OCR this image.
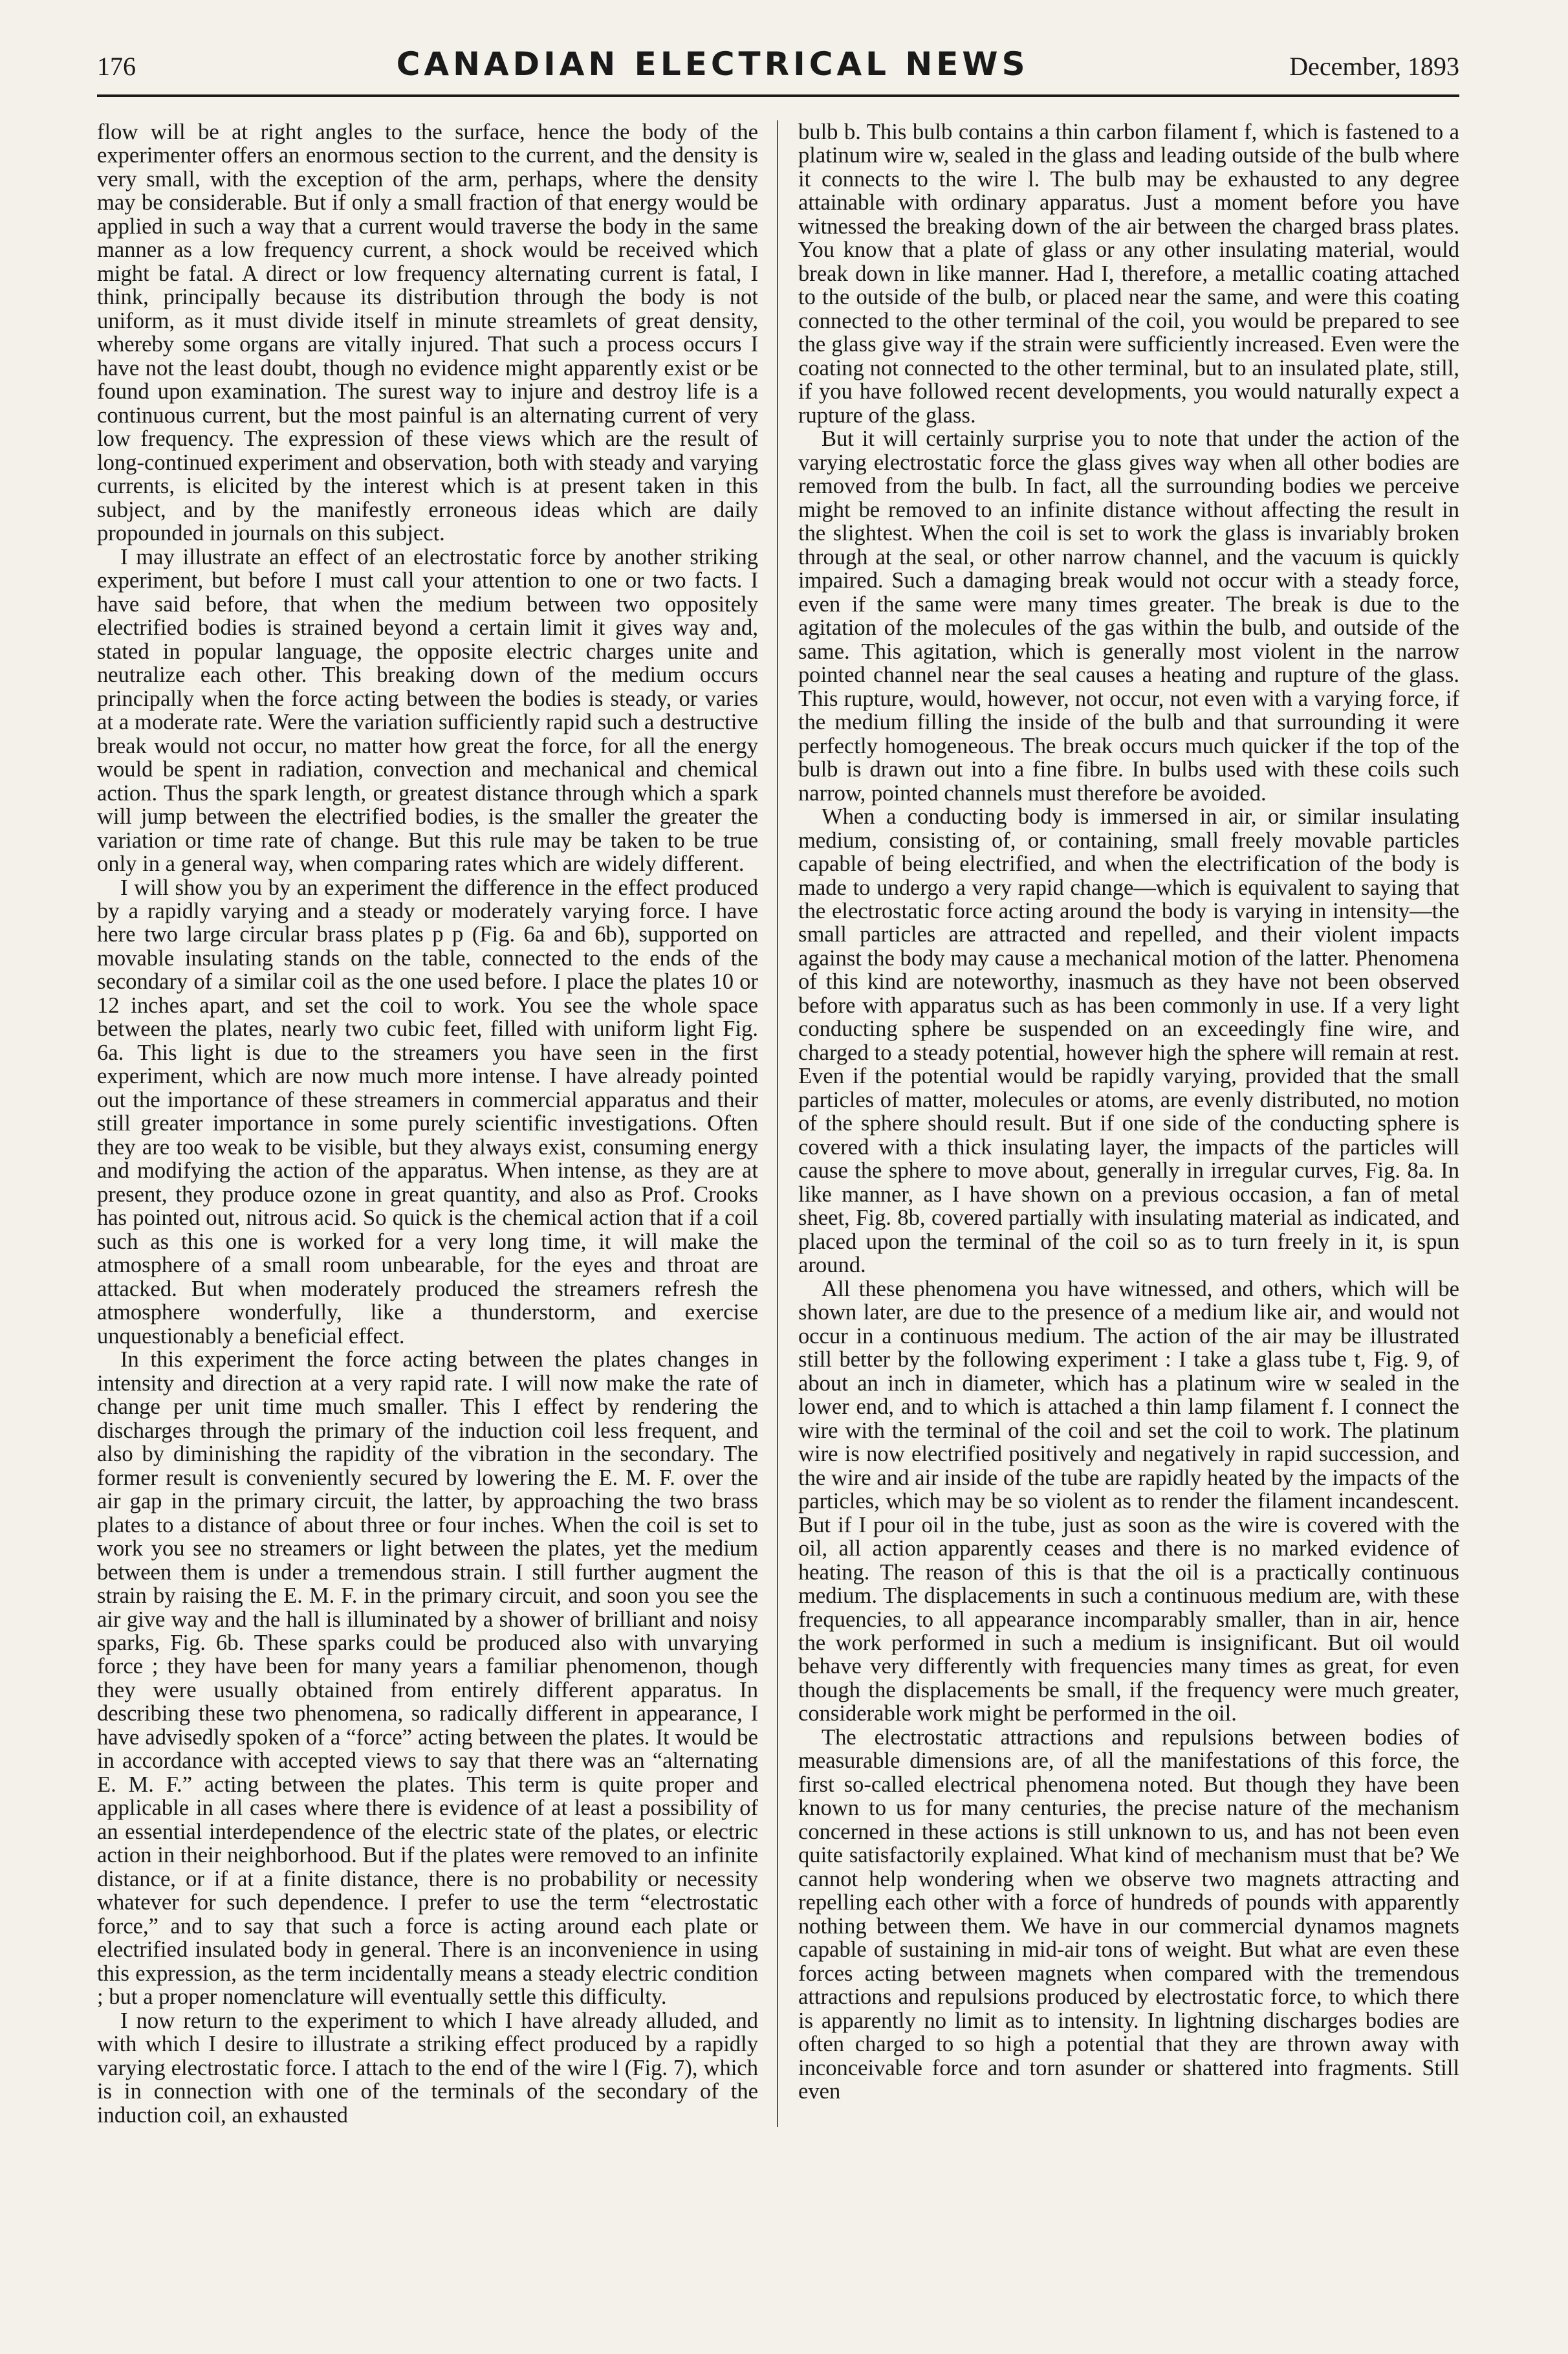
176	CANADIAN ELECTRICAL NEWS	December, 1893

flow will be at right angles to the surface, hence the body of the experimenter offers an enormous section to the current, and the density is very small, with the exception of the arm, perhaps, where the density may be considerable. But if only a small fraction of that energy would be applied in such a way that a current would traverse the body in the same manner as a low frequency current, a shock would be received which might be fatal. A direct or low frequency alternating current is fatal, I think, principally because its distribution through the body is not uniform, as it must divide itself in minute streamlets of great density, whereby some organs are vitally injured. That such a process occurs I have not the least doubt, though no evidence might apparently exist or be found upon examination. The surest way to injure and destroy life is a continuous current, but the most painful is an alternating current of very low frequency. The expression of these views which are the result of long-continued experiment and observation, both with steady and varying currents, is elicited by the interest which is at present taken in this subject, and by the manifestly erroneous ideas which are daily propounded in journals on this subject.

I may illustrate an effect of an electrostatic force by another striking experiment, but before I must call your attention to one or two facts. I have said before, that when the medium between two oppositely electrified bodies is strained beyond a certain limit it gives way and, stated in popular language, the opposite electric charges unite and neutralize each other. This breaking down of the medium occurs principally when the force acting between the bodies is steady, or varies at a moderate rate. Were the variation sufficiently rapid such a destructive break would not occur, no matter how great the force, for all the energy would be spent in radiation, convection and mechanical and chemical action. Thus the spark length, or greatest distance through which a spark will jump between the electrified bodies, is the smaller the greater the variation or time rate of change. But this rule may be taken to be true only in a general way, when comparing rates which are widely different.

I will show you by an experiment the difference in the effect produced by a rapidly varying and a steady or moderately varying force. I have here two large circular brass plates p p (Fig. 6a and 6b), supported on movable insulating stands on the table, connected to the ends of the secondary of a similar coil as the one used before. I place the plates 10 or 12 inches apart, and set the coil to work. You see the whole space between the plates, nearly two cubic feet, filled with uniform light Fig. 6a. This light is due to the streamers you have seen in the first experiment, which are now much more intense. I have already pointed out the importance of these streamers in commercial apparatus and their still greater importance in some purely scientific investigations. Often they are too weak to be visible, but they always exist, consuming energy and modifying the action of the apparatus. When intense, as they are at present, they produce ozone in great quantity, and also as Prof. Crooks has pointed out, nitrous acid. So quick is the chemical action that if a coil such as this one is worked for a very long time, it will make the atmosphere of a small room unbearable, for the eyes and throat are attacked. But when moderately produced the streamers refresh the atmosphere wonderfully, like a thunderstorm, and exercise unquestionably a beneficial effect.

In this experiment the force acting between the plates changes in intensity and direction at a very rapid rate. I will now make the rate of change per unit time much smaller. This I effect by rendering the discharges through the primary of the induction coil less frequent, and also by diminishing the rapidity of the vibration in the secondary. The former result is conveniently secured by lowering the E. M. F. over the air gap in the primary circuit, the latter, by approaching the two brass plates to a distance of about three or four inches. When the coil is set to work you see no streamers or light between the plates, yet the medium between them is under a tremendous strain. I still further augment the strain by raising the E. M. F. in the primary circuit, and soon you see the air give way and the hall is illuminated by a shower of brilliant and noisy sparks, Fig. 6b. These sparks could be produced also with unvarying force ; they have been for many years a familiar phenomenon, though they were usually obtained from entirely different apparatus. In describing these two phenomena, so radically different in appearance, I have advisedly spoken of a “force” acting between the plates. It would be in accordance with accepted views to say that there was an “alternating E. M. F.” acting between the plates. This term is quite proper and applicable in all cases where there is evidence of at least a possibility of an essential interdependence of the electric state of the plates, or electric action in their neighborhood. But if the plates were removed to an infinite distance, or if at a finite distance, there is no probability or necessity whatever for such dependence. I prefer to use the term “electrostatic force,” and to say that such a force is acting around each plate or electrified insulated body in general. There is an inconvenience in using this expression, as the term incidentally means a steady electric condition ; but a proper nomenclature will eventually settle this difficulty.

I now return to the experiment to which I have already alluded, and with which I desire to illustrate a striking effect produced by a rapidly varying electrostatic force. I attach to the end of the wire l (Fig. 7), which is in connection with one of the terminals of the secondary of the induction coil, an exhausted

bulb b. This bulb contains a thin carbon filament f, which is fastened to a platinum wire w, sealed in the glass and leading outside of the bulb where it connects to the wire l. The bulb may be exhausted to any degree attainable with ordinary apparatus. Just a moment before you have witnessed the breaking down of the air between the charged brass plates. You know that a plate of glass or any other insulating material, would break down in like manner. Had I, therefore, a metallic coating attached to the outside of the bulb, or placed near the same, and were this coating connected to the other terminal of the coil, you would be prepared to see the glass give way if the strain were sufficiently increased. Even were the coating not connected to the other terminal, but to an insulated plate, still, if you have followed recent developments, you would naturally expect a rupture of the glass.

But it will certainly surprise you to note that under the action of the varying electrostatic force the glass gives way when all other bodies are removed from the bulb. In fact, all the surrounding bodies we perceive might be removed to an infinite distance without affecting the result in the slightest. When the coil is set to work the glass is invariably broken through at the seal, or other narrow channel, and the vacuum is quickly impaired. Such a damaging break would not occur with a steady force, even if the same were many times greater. The break is due to the agitation of the molecules of the gas within the bulb, and outside of the same. This agitation, which is generally most violent in the narrow pointed channel near the seal causes a heating and rupture of the glass. This rupture, would, however, not occur, not even with a varying force, if the medium filling the inside of the bulb and that surrounding it were perfectly homogeneous. The break occurs much quicker if the top of the bulb is drawn out into a fine fibre. In bulbs used with these coils such narrow, pointed channels must therefore be avoided.

When a conducting body is immersed in air, or similar insulating medium, consisting of, or containing, small freely movable particles capable of being electrified, and when the electrification of the body is made to undergo a very rapid change—which is equivalent to saying that the electrostatic force acting around the body is varying in intensity—the small particles are attracted and repelled, and their violent impacts against the body may cause a mechanical motion of the latter. Phenomena of this kind are noteworthy, inasmuch as they have not been observed before with apparatus such as has been commonly in use. If a very light conducting sphere be suspended on an exceedingly fine wire, and charged to a steady potential, however high the sphere will remain at rest. Even if the potential would be rapidly varying, provided that the small particles of matter, molecules or atoms, are evenly distributed, no motion of the sphere should result. But if one side of the conducting sphere is covered with a thick insulating layer, the impacts of the particles will cause the sphere to move about, generally in irregular curves, Fig. 8a. In like manner, as I have shown on a previous occasion, a fan of metal sheet, Fig. 8b, covered partially with insulating material as indicated, and placed upon the terminal of the coil so as to turn freely in it, is spun around.

All these phenomena you have witnessed, and others, which will be shown later, are due to the presence of a medium like air, and would not occur in a continuous medium. The action of the air may be illustrated still better by the following experiment : I take a glass tube t, Fig. 9, of about an inch in diameter, which has a platinum wire w sealed in the lower end, and to which is attached a thin lamp filament f. I connect the wire with the terminal of the coil and set the coil to work. The platinum wire is now electrified positively and negatively in rapid succession, and the wire and air inside of the tube are rapidly heated by the impacts of the particles, which may be so violent as to render the filament incandescent. But if I pour oil in the tube, just as soon as the wire is covered with the oil, all action apparently ceases and there is no marked evidence of heating. The reason of this is that the oil is a practically continuous medium. The displacements in such a continuous medium are, with these frequencies, to all appearance incomparably smaller, than in air, hence the work performed in such a medium is insignificant. But oil would behave very differently with frequencies many times as great, for even though the displacements be small, if the frequency were much greater, considerable work might be performed in the oil.

The electrostatic attractions and repulsions between bodies of measurable dimensions are, of all the manifestations of this force, the first so-called electrical phenomena noted. But though they have been known to us for many centuries, the precise nature of the mechanism concerned in these actions is still unknown to us, and has not been even quite satisfactorily explained. What kind of mechanism must that be? We cannot help wondering when we observe two magnets attracting and repelling each other with a force of hundreds of pounds with apparently nothing between them. We have in our commercial dynamos magnets capable of sustaining in mid-air tons of weight. But what are even these forces acting between magnets when compared with the tremendous attractions and repulsions produced by electrostatic force, to which there is apparently no limit as to intensity. In lightning discharges bodies are often charged to so high a potential that they are thrown away with inconceivable force and torn asunder or shattered into fragments. Still even
